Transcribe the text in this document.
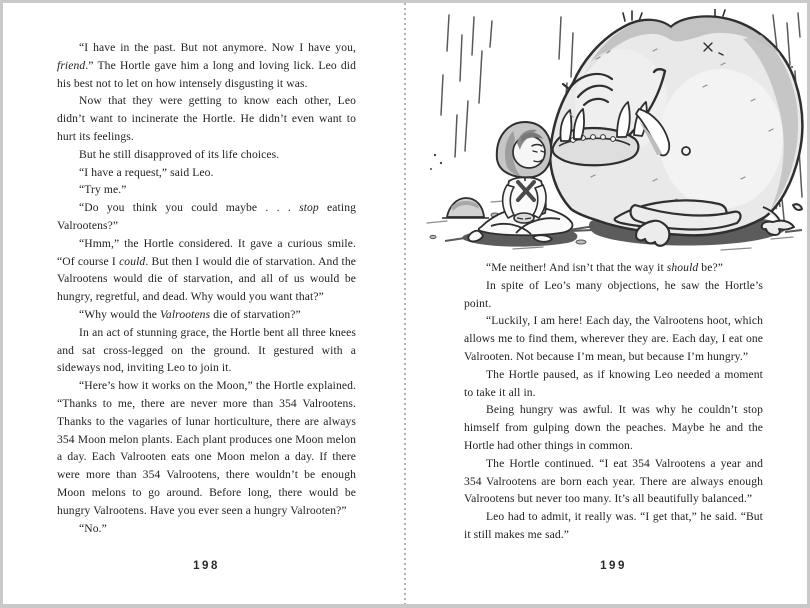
“I have in the past. But not anymore. Now I have you, friend.” The Hortle gave him a long and loving lick. Leo did his best not to let on how intensely disgusting it was.

Now that they were getting to know each other, Leo didn’t want to incinerate the Hortle. He didn’t even want to hurt its feelings.

But he still disapproved of its life choices.

“I have a request,” said Leo.

“Try me.”

“Do you think you could maybe . . . stop eating Valrootens?”

“Hmm,” the Hortle considered. It gave a curious smile. “Of course I could. But then I would die of starvation. And the Valrootens would die of starvation, and all of us would be hungry, regretful, and dead. Why would you want that?”

“Why would the Valrootens die of starvation?”

In an act of stunning grace, the Hortle bent all three knees and sat cross-legged on the ground. It gestured with a sideways nod, inviting Leo to join it.

“Here’s how it works on the Moon,” the Hortle explained. “Thanks to me, there are never more than 354 Valrootens. Thanks to the vagaries of lunar horticulture, there are always 354 Moon melon plants. Each plant produces one Moon melon a day. Each Valrooten eats one Moon melon a day. If there were more than 354 Valrootens, there wouldn’t be enough Moon melons to go around. Before long, there would be hungry Valrootens. Have you ever seen a hungry Valrooten?”

“No.”

198

“Me neither! And isn’t that the way it should be?”

In spite of Leo’s many objections, he saw the Hortle’s point.

“Luckily, I am here! Each day, the Valrootens hoot, which allows me to find them, wherever they are. Each day, I eat one Valrooten. Not because I’m mean, but because I’m hungry.”

The Hortle paused, as if knowing Leo needed a moment to take it all in.

Being hungry was awful. It was why he couldn’t stop himself from gulping down the peaches. Maybe he and the Hortle had other things in common.

The Hortle continued. “I eat 354 Valrootens a year and 354 Valrootens are born each year. There are always enough Valrootens but never too many. It’s all beautifully balanced.”

Leo had to admit, it really was. “I get that,” he said. “But it still makes me sad.”

199
